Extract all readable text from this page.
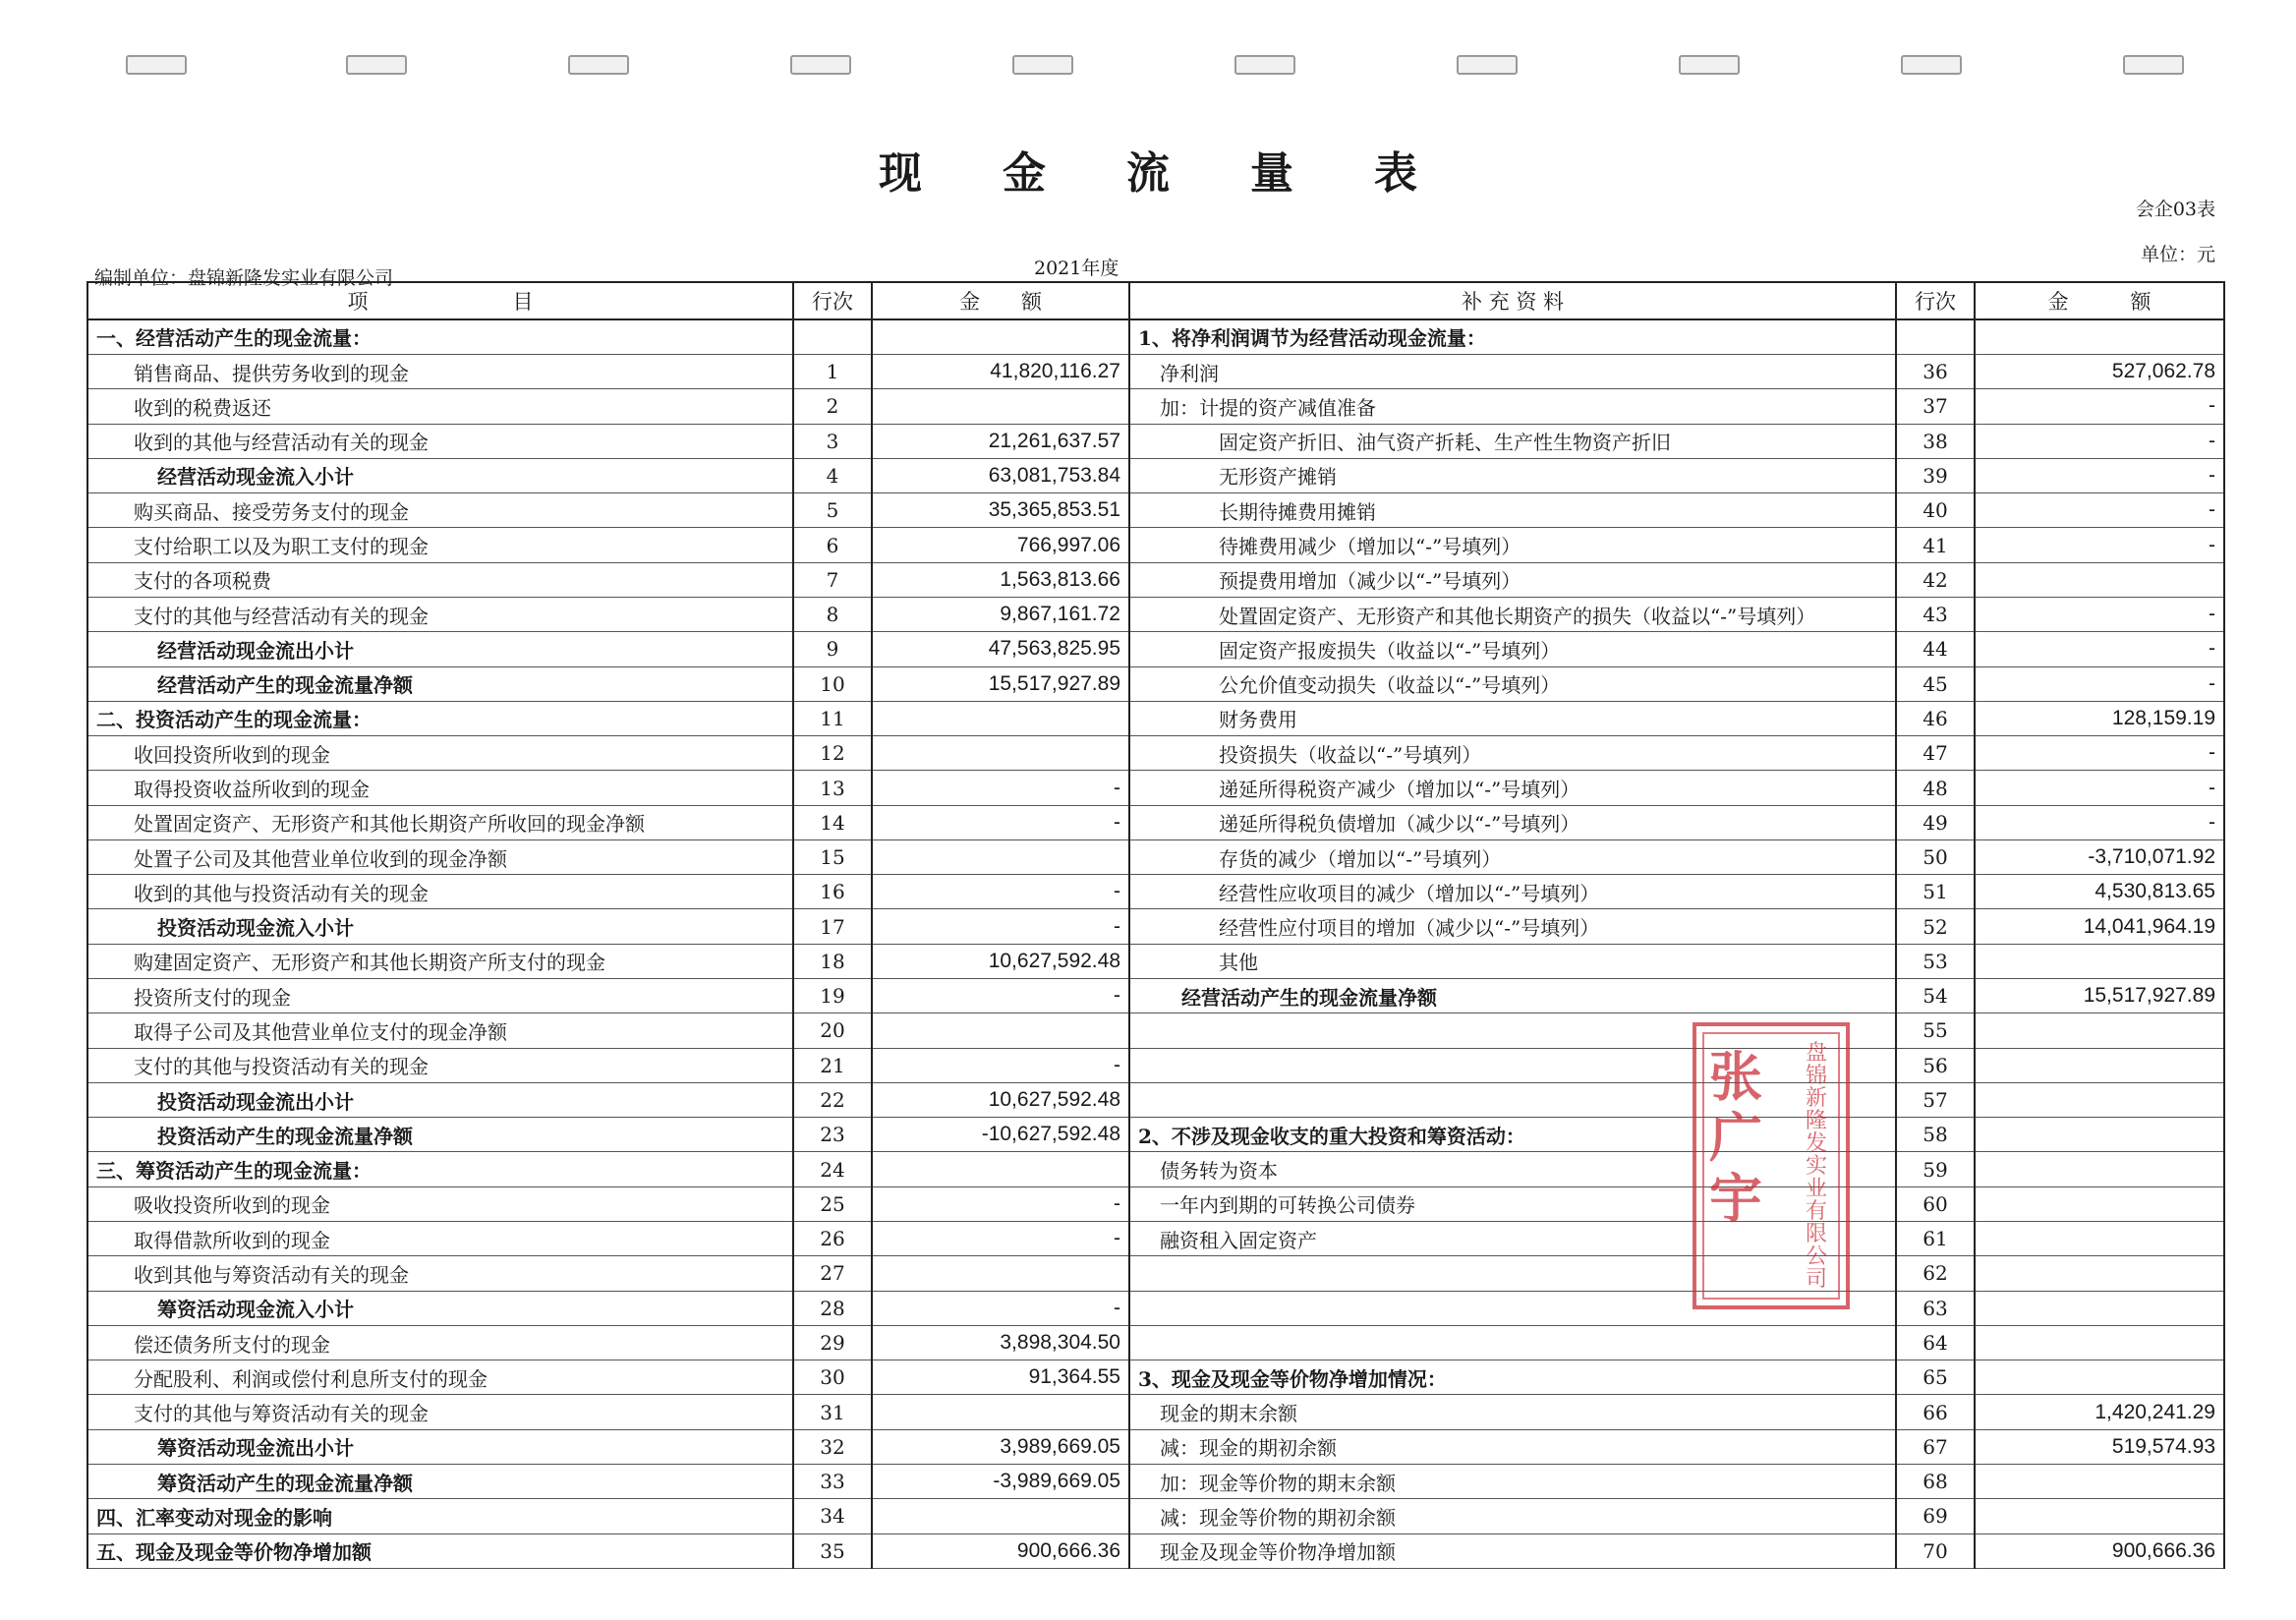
现金流量表
会企03表
单位：元
编制单位：盘锦新隆发实业有限公司	2021年度
项　　　　　　　目	行次	金　　额	补 充 资 料	行次	金　　　额
一、经营活动产生的现金流量：			1、将净利润调节为经营活动现金流量：		
销售商品、提供劳务收到的现金	1	41,820,116.27	净利润	36	527,062.78
收到的税费返还	2		加：计提的资产减值准备	37	-
收到的其他与经营活动有关的现金	3	21,261,637.57	固定资产折旧、油气资产折耗、生产性生物资产折旧	38	-
经营活动现金流入小计	4	63,081,753.84	无形资产摊销	39	-
购买商品、接受劳务支付的现金	5	35,365,853.51	长期待摊费用摊销	40	-
支付给职工以及为职工支付的现金	6	766,997.06	待摊费用减少（增加以“-”号填列）	41	-
支付的各项税费	7	1,563,813.66	预提费用增加（减少以“-”号填列）	42	
支付的其他与经营活动有关的现金	8	9,867,161.72	处置固定资产、无形资产和其他长期资产的损失（收益以“-”号填列）	43	-
经营活动现金流出小计	9	47,563,825.95	固定资产报废损失（收益以“-”号填列）	44	-
经营活动产生的现金流量净额	10	15,517,927.89	公允价值变动损失（收益以“-”号填列）	45	-
二、投资活动产生的现金流量：	11		财务费用	46	128,159.19
收回投资所收到的现金	12		投资损失（收益以“-”号填列）	47	-
取得投资收益所收到的现金	13	-	递延所得税资产减少（增加以“-”号填列）	48	-
处置固定资产、无形资产和其他长期资产所收回的现金净额	14	-	递延所得税负债增加（减少以“-”号填列）	49	-
处置子公司及其他营业单位收到的现金净额	15		存货的减少（增加以“-”号填列）	50	-3,710,071.92
收到的其他与投资活动有关的现金	16	-	经营性应收项目的减少（增加以“-”号填列）	51	4,530,813.65
投资活动现金流入小计	17	-	经营性应付项目的增加（减少以“-”号填列）	52	14,041,964.19
购建固定资产、无形资产和其他长期资产所支付的现金	18	10,627,592.48	其他	53	
投资所支付的现金	19	-	经营活动产生的现金流量净额	54	15,517,927.89
取得子公司及其他营业单位支付的现金净额	20			55	
支付的其他与投资活动有关的现金	21	-		56	
投资活动现金流出小计	22	10,627,592.48		57	
投资活动产生的现金流量净额	23	-10,627,592.48	2、不涉及现金收支的重大投资和筹资活动：	58	
三、筹资活动产生的现金流量：	24		债务转为资本	59	
吸收投资所收到的现金	25	-	一年内到期的可转换公司债券	60	
取得借款所收到的现金	26	-	融资租入固定资产	61	
收到其他与筹资活动有关的现金	27			62	
筹资活动现金流入小计	28	-		63	
偿还债务所支付的现金	29	3,898,304.50		64	
分配股利、利润或偿付利息所支付的现金	30	91,364.55	3、现金及现金等价物净增加情况：	65	
支付的其他与筹资活动有关的现金	31		现金的期末余额	66	1,420,241.29
筹资活动现金流出小计	32	3,989,669.05	减：现金的期初余额	67	519,574.93
筹资活动产生的现金流量净额	33	-3,989,669.05	加：现金等价物的期末余额	68	
四、汇率变动对现金的影响	34		减：现金等价物的期初余额	69	
五、现金及现金等价物净增加额	35	900,666.36	现金及现金等价物净增加额	70	900,666.36
张广宇
盘锦新隆发实业有限公司
